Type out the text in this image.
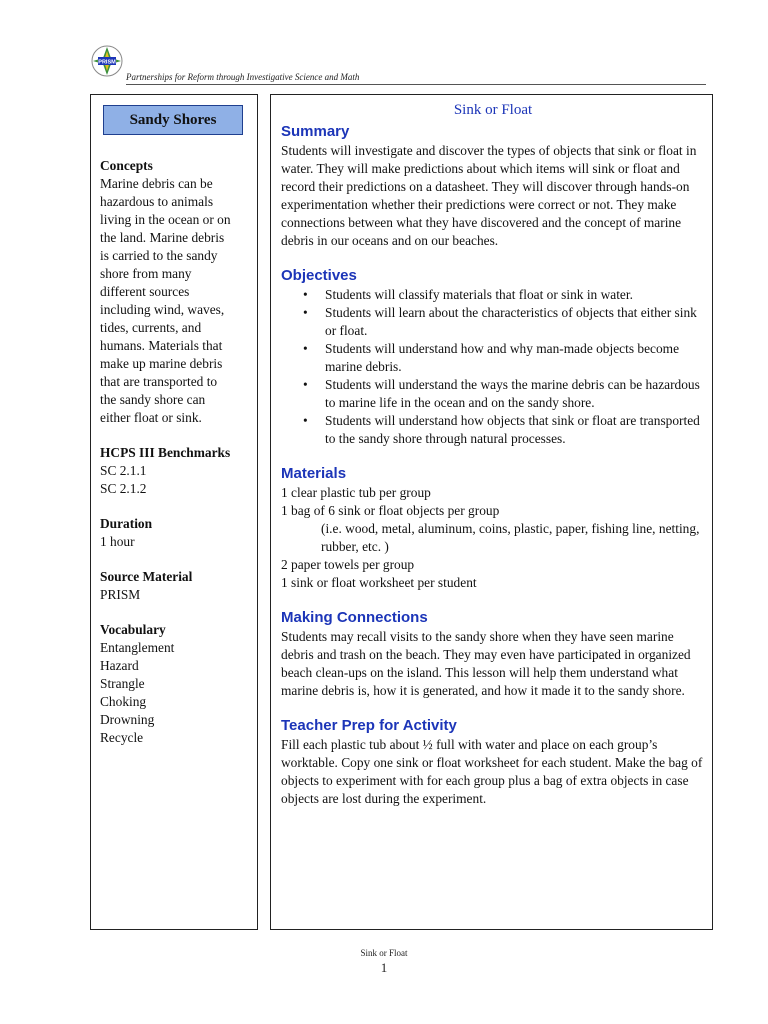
PRISM
Partnerships for Reform through Investigative Science and Math
Sandy Shores
Concepts
Marine debris can be
hazardous to animals
living in the ocean or on
the land. Marine debris
is carried to the sandy
shore from many
different sources
including wind, waves,
tides, currents, and
humans. Materials that
make up marine debris
that are transported to
the sandy shore can
either float or sink.
HCPS III Benchmarks
SC 2.1.1
SC 2.1.2
Duration
1 hour
Source Material
PRISM
Vocabulary
Entanglement
Hazard
Strangle
Choking
Drowning
Recycle
Sink or Float
Summary

Students will investigate and discover the types of objects that sink or float in water. They will make predictions about which items will sink or float and record their predictions on a datasheet. They will discover through hands-on experimentation whether their predictions were correct or not. They make connections between what they have discovered and the concept of marine debris in our oceans and on our beaches.

Objectives
• Students will classify materials that float or sink in water.
• Students will learn about the characteristics of objects that either sink or float.
• Students will understand how and why man-made objects become marine debris.
• Students will understand the ways the marine debris can be hazardous to marine life in the ocean and on the sandy shore.
• Students will understand how objects that sink or float are transported to the sandy shore through natural processes.
Materials
1 clear plastic tub per group
1 bag of 6 sink or float objects per group
(i.e. wood, metal, aluminum, coins, plastic, paper, fishing line, netting, rubber, etc. )
2 paper towels per group
1 sink or float worksheet per student
Making Connections

Students may recall visits to the sandy shore when they have seen marine debris and trash on the beach. They may even have participated in organized beach clean-ups on the island. This lesson will help them understand what marine debris is, how it is generated, and how it made it to the sandy shore.

Teacher Prep for Activity

Fill each plastic tub about ½ full with water and place on each group’s worktable. Copy one sink or float worksheet for each student. Make the bag of objects to experiment with for each group plus a bag of extra objects in case objects are lost during the experiment.

Sink or Float
1
